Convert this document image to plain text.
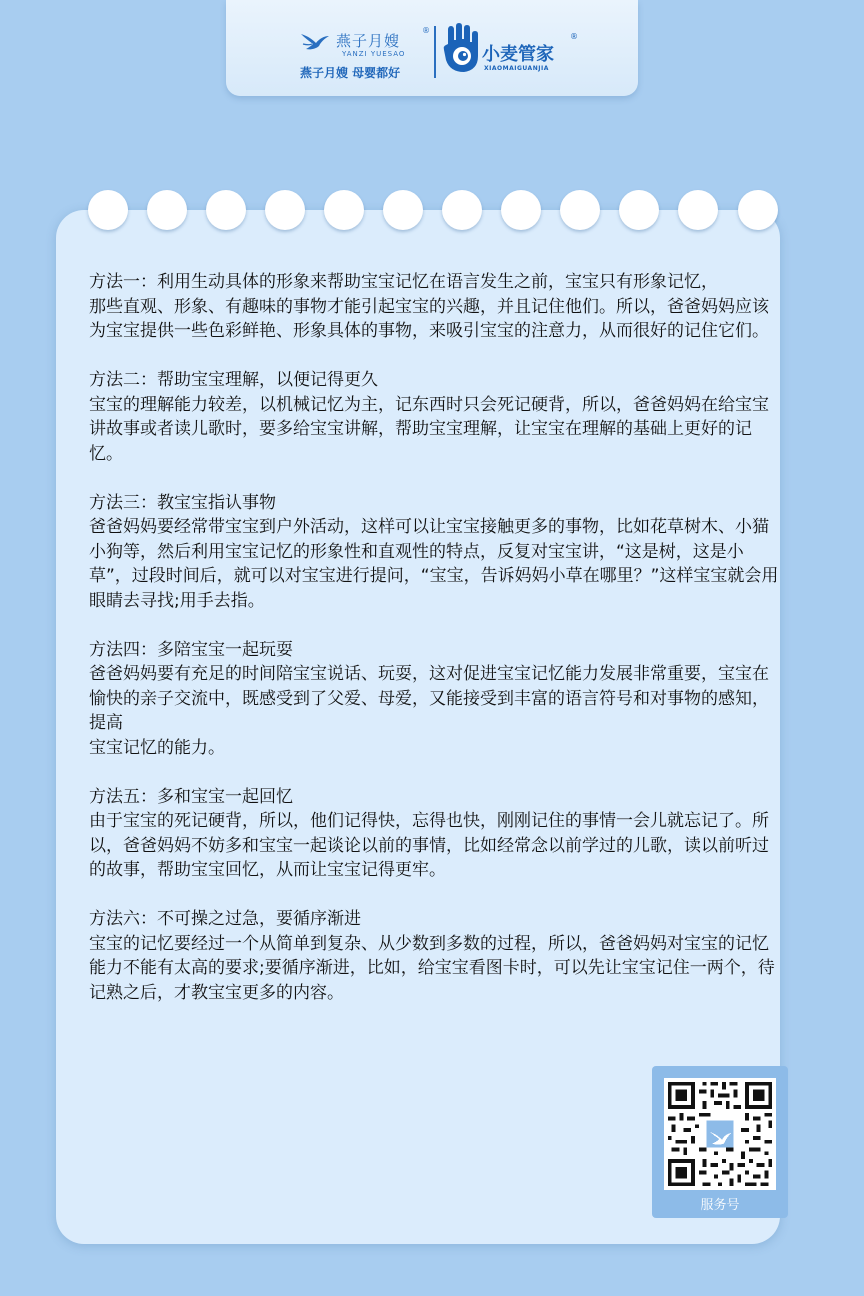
燕子月嫂
®
YANZI YUESAO
燕子月嫂 母婴都好
小麦管家
®
XIAOMAIGUANJIA

方法一：利用生动具体的形象来帮助宝宝记忆在语言发生之前，宝宝只有形象记忆，

那些直观、形象、有趣味的事物才能引起宝宝的兴趣，并且记住他们。所以，爸爸妈妈应该为宝宝提供一些色彩鲜艳、形象具体的事物，来吸引宝宝的注意力，从而很好的记住它们。

方法二：帮助宝宝理解，以便记得更久

宝宝的理解能力较差，以机械记忆为主，记东西时只会死记硬背，所以，爸爸妈妈在给宝宝讲故事或者读儿歌时，要多给宝宝讲解，帮助宝宝理解，让宝宝在理解的基础上更好的记忆。

方法三：教宝宝指认事物

爸爸妈妈要经常带宝宝到户外活动，这样可以让宝宝接触更多的事物，比如花草树木、小猫小狗等，然后利用宝宝记忆的形象性和直观性的特点，反复对宝宝讲，“这是树，这是小草”，过段时间后，就可以对宝宝进行提问，“宝宝，告诉妈妈小草在哪里？”这样宝宝就会用眼睛去寻找;用手去指。

方法四：多陪宝宝一起玩耍

爸爸妈妈要有充足的时间陪宝宝说话、玩耍，这对促进宝宝记忆能力发展非常重要，宝宝在愉快的亲子交流中，既感受到了父爱、母爱，又能接受到丰富的语言符号和对事物的感知，提高

宝宝记忆的能力。

方法五：多和宝宝一起回忆

由于宝宝的死记硬背，所以，他们记得快，忘得也快，刚刚记住的事情一会儿就忘记了。所以，爸爸妈妈不妨多和宝宝一起谈论以前的事情，比如经常念以前学过的儿歌，读以前听过的故事，帮助宝宝回忆，从而让宝宝记得更牢。

方法六：不可操之过急，要循序渐进

宝宝的记忆要经过一个从简单到复杂、从少数到多数的过程，所以，爸爸妈妈对宝宝的记忆能力不能有太高的要求;要循序渐进，比如，给宝宝看图卡时，可以先让宝宝记住一两个，待记熟之后，才教宝宝更多的内容。

服务号
